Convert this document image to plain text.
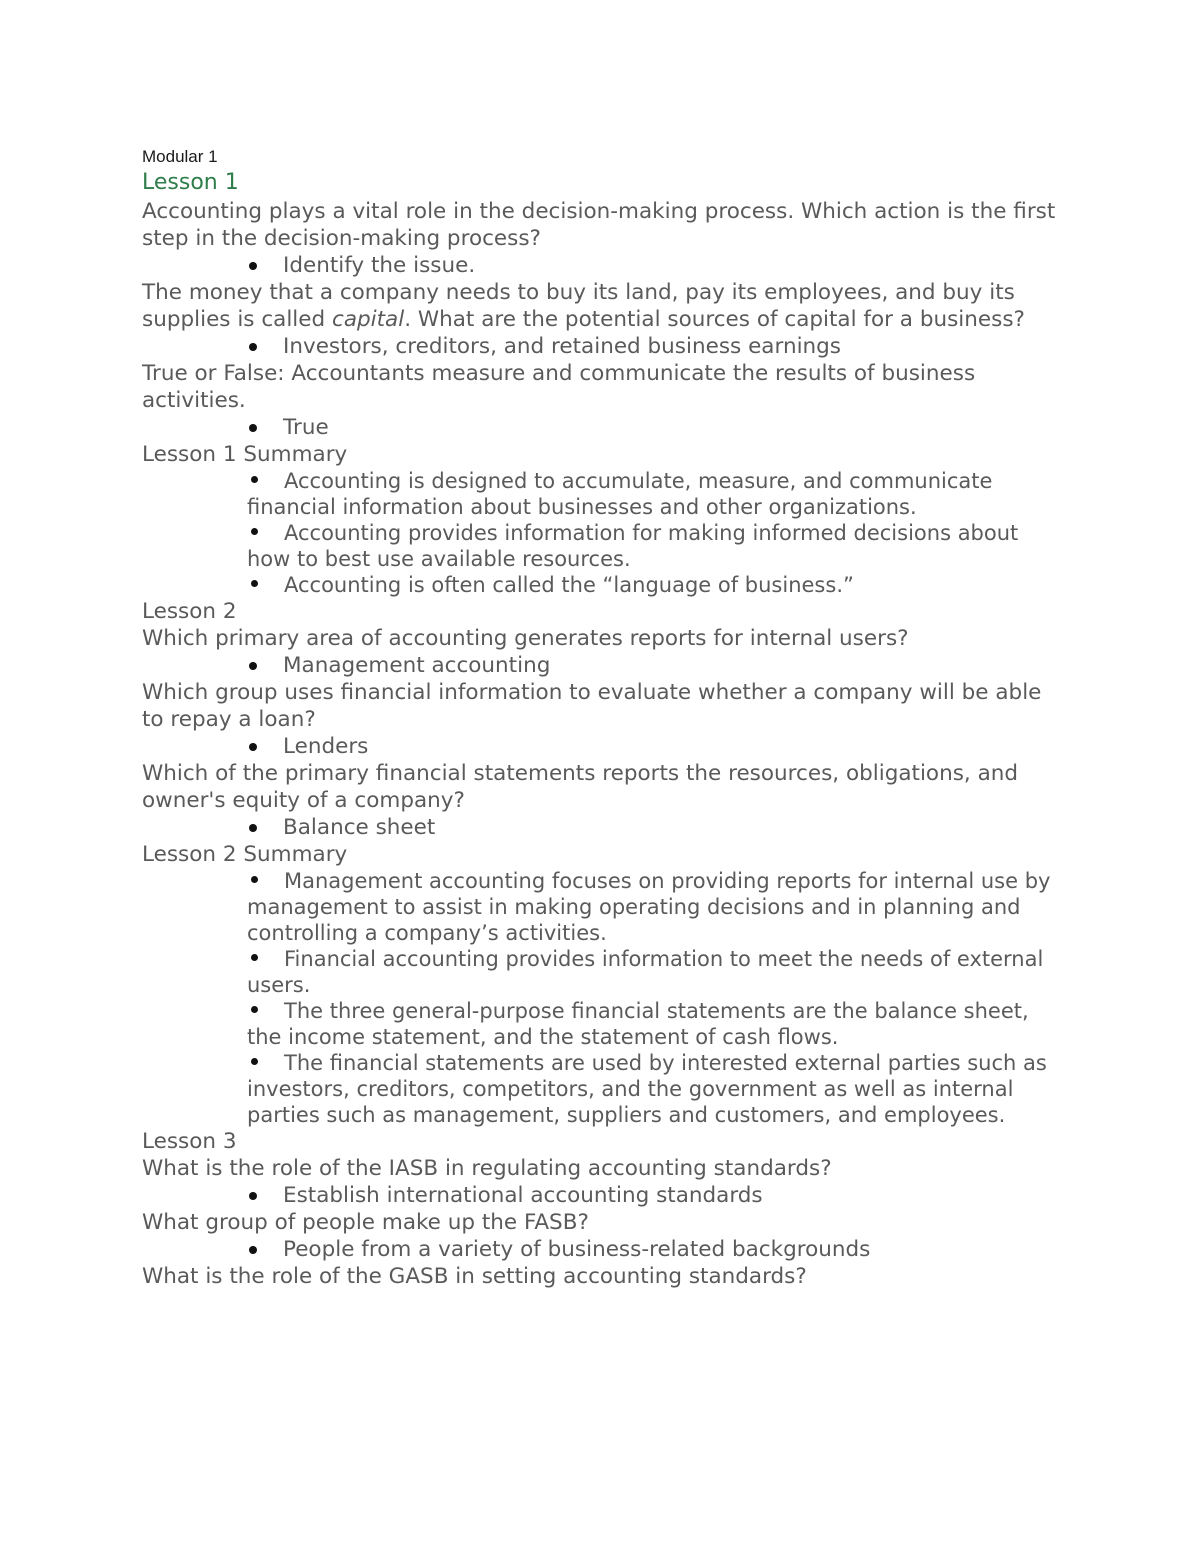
Modular 1
Lesson 1
Accounting plays a vital role in the decision-making process. Which action is the first step in the decision-making process?
Identify the issue.
The money that a company needs to buy its land, pay its employees, and buy its supplies is called capital. What are the potential sources of capital for a business?
Investors, creditors, and retained business earnings
True or False: Accountants measure and communicate the results of business activities.
True
Lesson 1 Summary
Accounting is designed to accumulate, measure, and communicate financial information about businesses and other organizations.
Accounting provides information for making informed decisions about how to best use available resources.
Accounting is often called the “language of business.”
Lesson 2
Which primary area of accounting generates reports for internal users?
Management accounting
Which group uses financial information to evaluate whether a company will be able to repay a loan?
Lenders
Which of the primary financial statements reports the resources, obligations, and owner's equity of a company?
Balance sheet
Lesson 2 Summary
Management accounting focuses on providing reports for internal use by management to assist in making operating decisions and in planning and controlling a company’s activities.
Financial accounting provides information to meet the needs of external users.
The three general-purpose financial statements are the balance sheet, the income statement, and the statement of cash flows.
The financial statements are used by interested external parties such as investors, creditors, competitors, and the government as well as internal parties such as management, suppliers and customers, and employees.
Lesson 3
What is the role of the IASB in regulating accounting standards?
Establish international accounting standards
What group of people make up the FASB?
People from a variety of business-related backgrounds
What is the role of the GASB in setting accounting standards?
